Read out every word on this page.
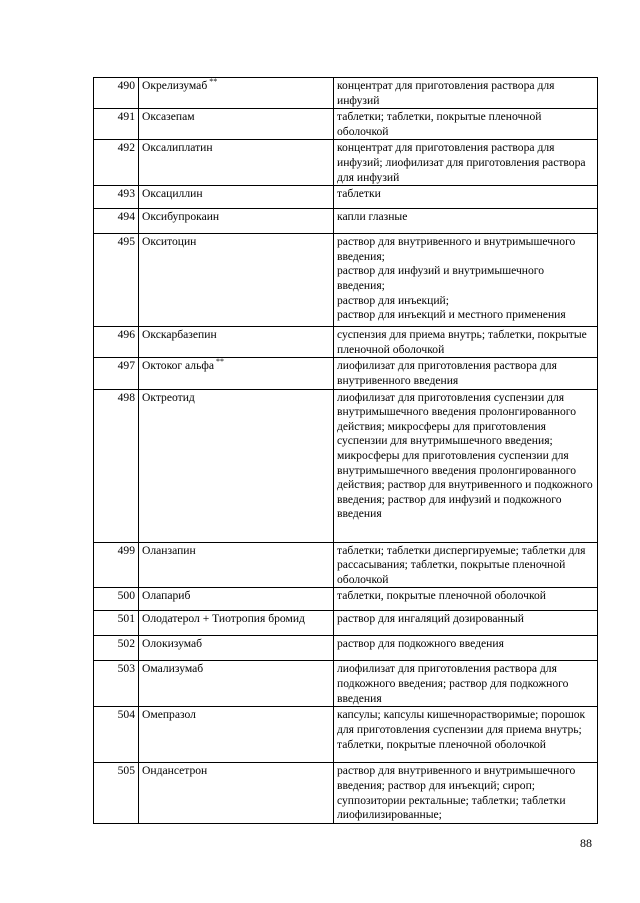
490	Окрелизумаб **	концентрат для приготовления раствора для инфузий

491	Оксазепам	таблетки; таблетки, покрытые пленочной оболочкой

492	Оксалиплатин	концентрат для приготовления раствора для инфузий; лиофилизат для приготовления раствора для инфузий

493	Оксациллин	таблетки

494	Оксибупрокаин	капли глазные

495	Окситоцин	раствор для внутривенного и внутримышечного введения;
раствор для инфузий и внутримышечного введения;
раствор для инъекций;
раствор для инъекций и местного применения

496	Окскарбазепин	суспензия для приема внутрь; таблетки, покрытые пленочной оболочкой

497	Октоког альфа **	лиофилизат для приготовления раствора для внутривенного введения

498	Октреотид	лиофилизат для приготовления суспензии для внутримышечного введения пролонгированного действия; микросферы для приготовления суспензии для внутримышечного введения; микросферы для приготовления суспензии для внутримышечного введения пролонгированного действия; раствор для внутривенного и подкожного введения; раствор для инфузий и подкожного введения

499	Оланзапин	таблетки; таблетки диспергируемые; таблетки для рассасывания; таблетки, покрытые пленочной оболочкой

500	Олапариб	таблетки, покрытые пленочной оболочкой

501	Олодатерол + Тиотропия бромид	раствор для ингаляций дозированный

502	Олокизумаб	раствор для подкожного введения

503	Омализумаб	лиофилизат для приготовления раствора для подкожного введения; раствор для подкожного введения

504	Омепразол	капсулы; капсулы кишечнорастворимые; порошок для приготовления суспензии для приема внутрь; таблетки, покрытые пленочной оболочкой

505	Ондансетрон	раствор для внутривенного и внутримышечного введения; раствор для инъекций; сироп; суппозитории ректальные; таблетки; таблетки лиофилизированные;
88
